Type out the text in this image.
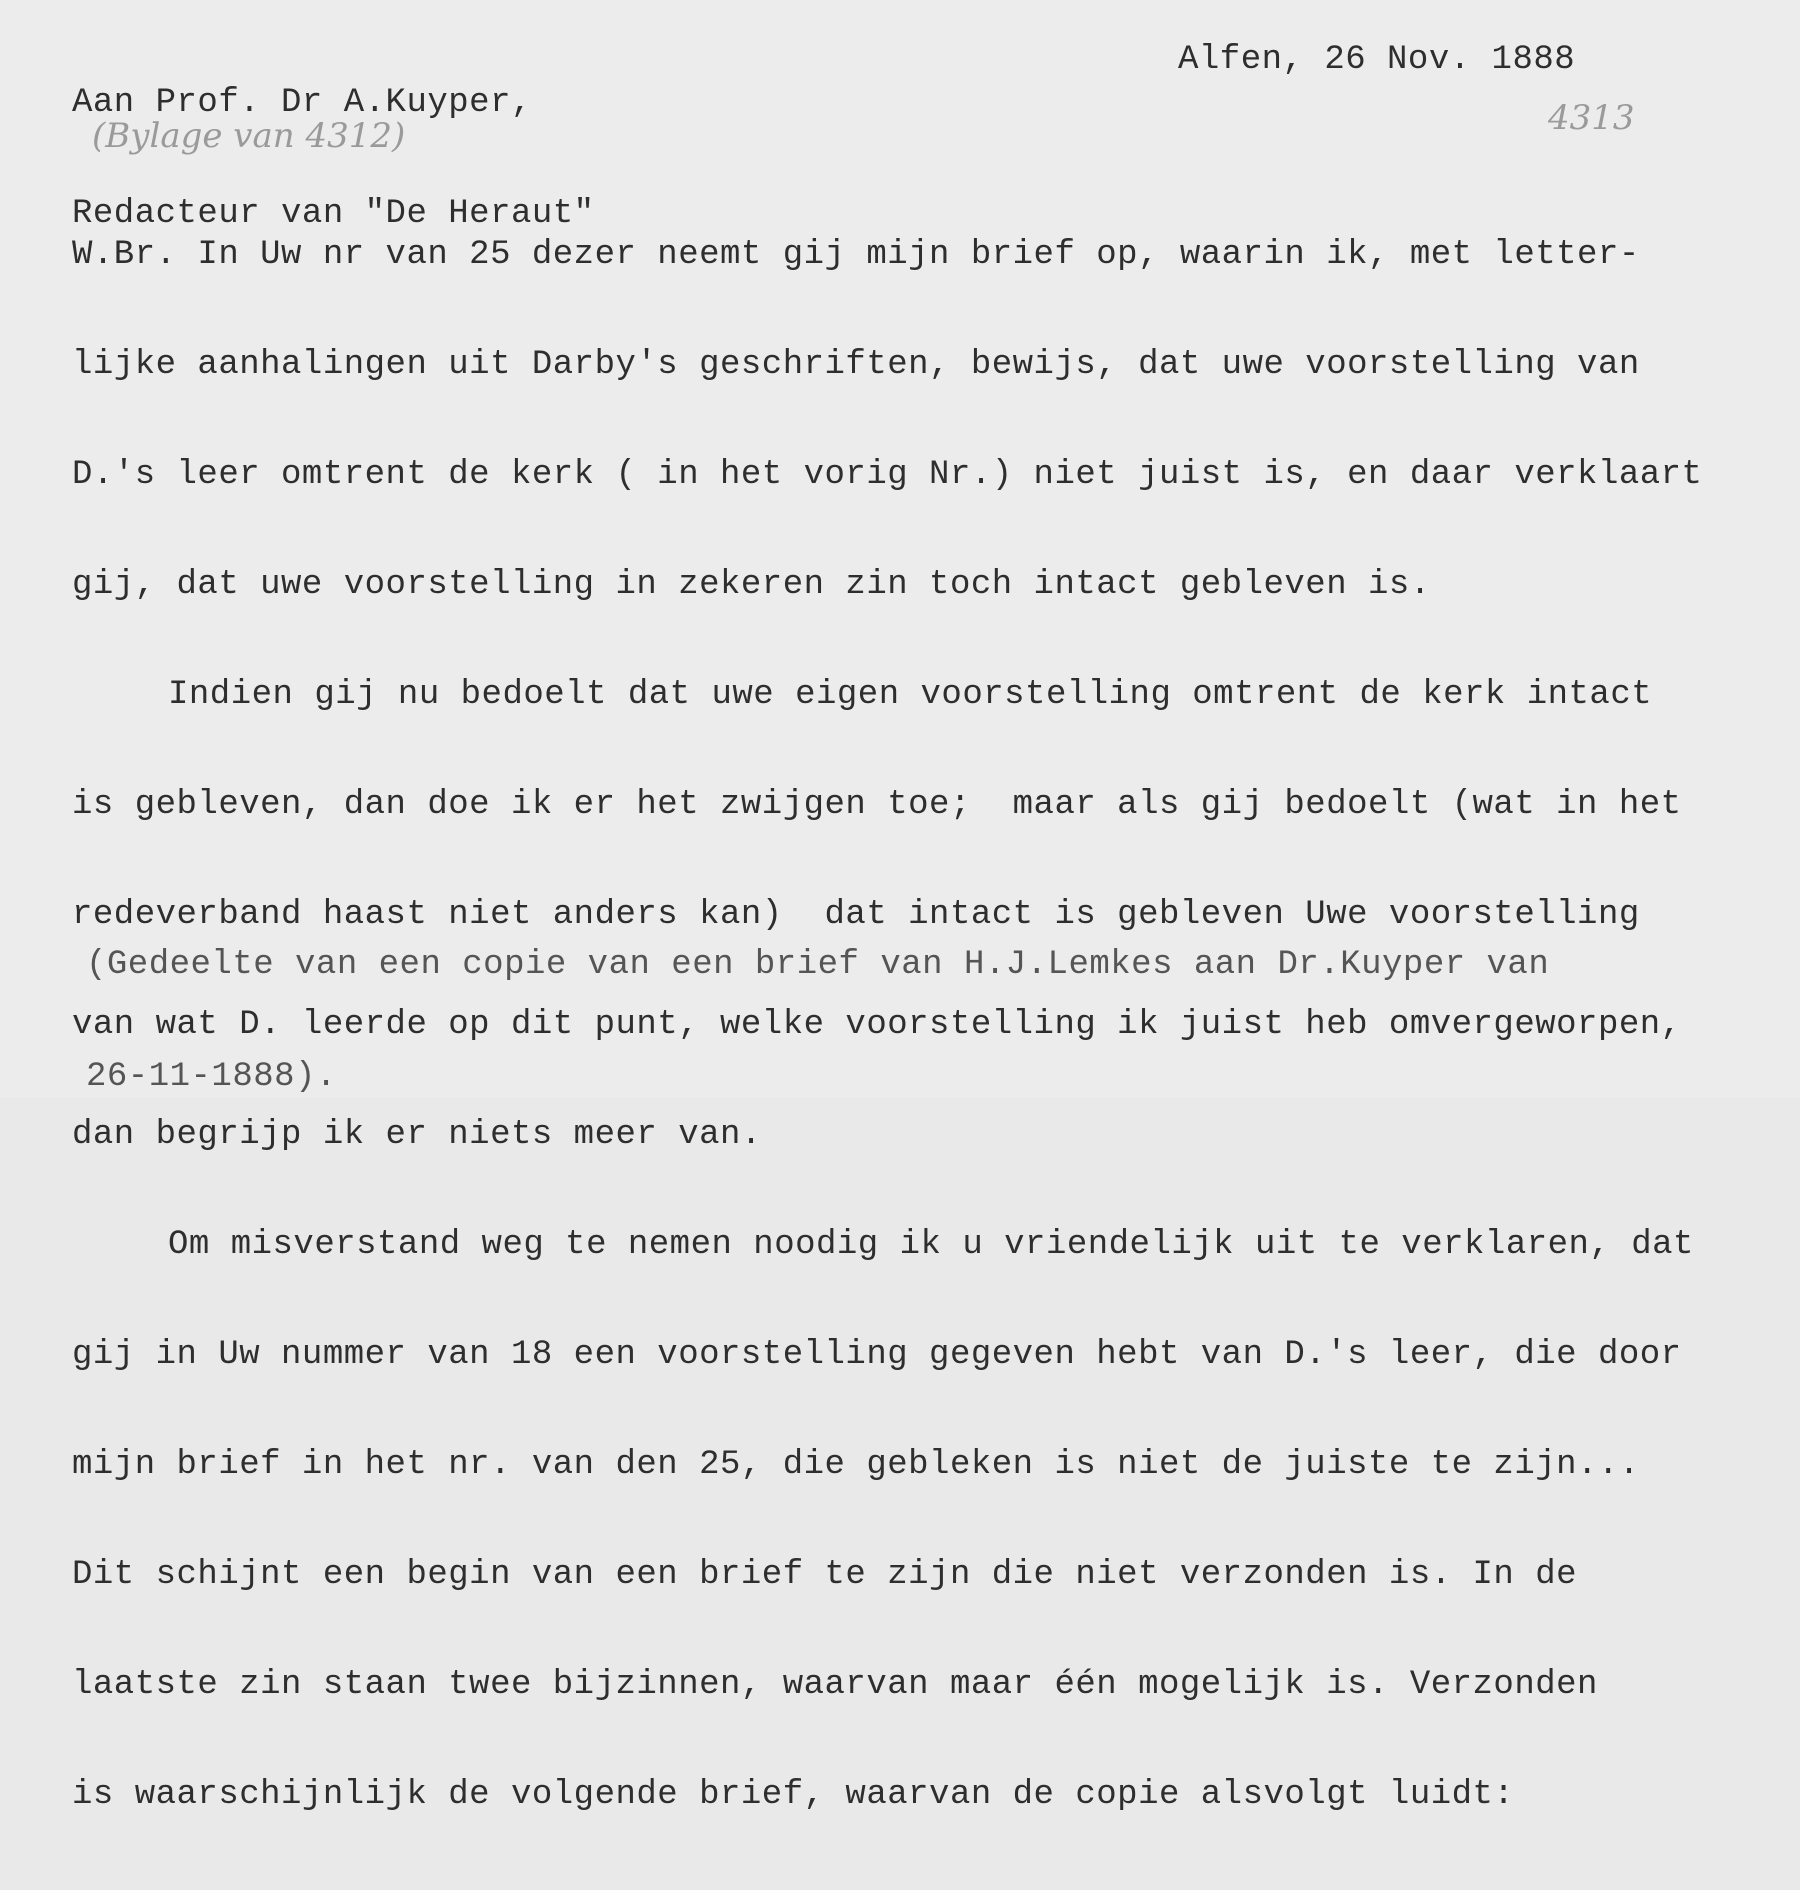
Aan Prof. Dr A.Kuyper,

Redacteur van "De Heraut"

Alfen, 26 Nov. 1888
(Bylage van 4312)	4313

W.Br. In Uw nr van 25 dezer neemt gij mijn brief op, waarin ik, met letter-

lijke aanhalingen uit Darby's geschriften, bewijs, dat uwe voorstelling van

D.'s leer omtrent de kerk ( in het vorig Nr.) niet juist is, en daar verklaart

gij, dat uwe voorstelling in zekeren zin toch intact gebleven is.

Indien gij nu bedoelt dat uwe eigen voorstelling omtrent de kerk intact

is gebleven, dan doe ik er het zwijgen toe;  maar als gij bedoelt (wat in het

redeverband haast niet anders kan)  dat intact is gebleven Uwe voorstelling

van wat D. leerde op dit punt, welke voorstelling ik juist heb omvergeworpen,

dan begrijp ik er niets meer van.

Om misverstand weg te nemen noodig ik u vriendelijk uit te verklaren, dat

gij in Uw nummer van 18 een voorstelling gegeven hebt van D.'s leer, die door

mijn brief in het nr. van den 25, die gebleken is niet de juiste te zijn...

Dit schijnt een begin van een brief te zijn die niet verzonden is. In de

laatste zin staan twee bijzinnen, waarvan maar één mogelijk is. Verzonden

is waarschijnlijk de volgende brief, waarvan de copie alsvolgt luidt:

(Gedeelte van een copie van een brief van H.J.Lemkes aan Dr.Kuyper van

26-11-1888).
